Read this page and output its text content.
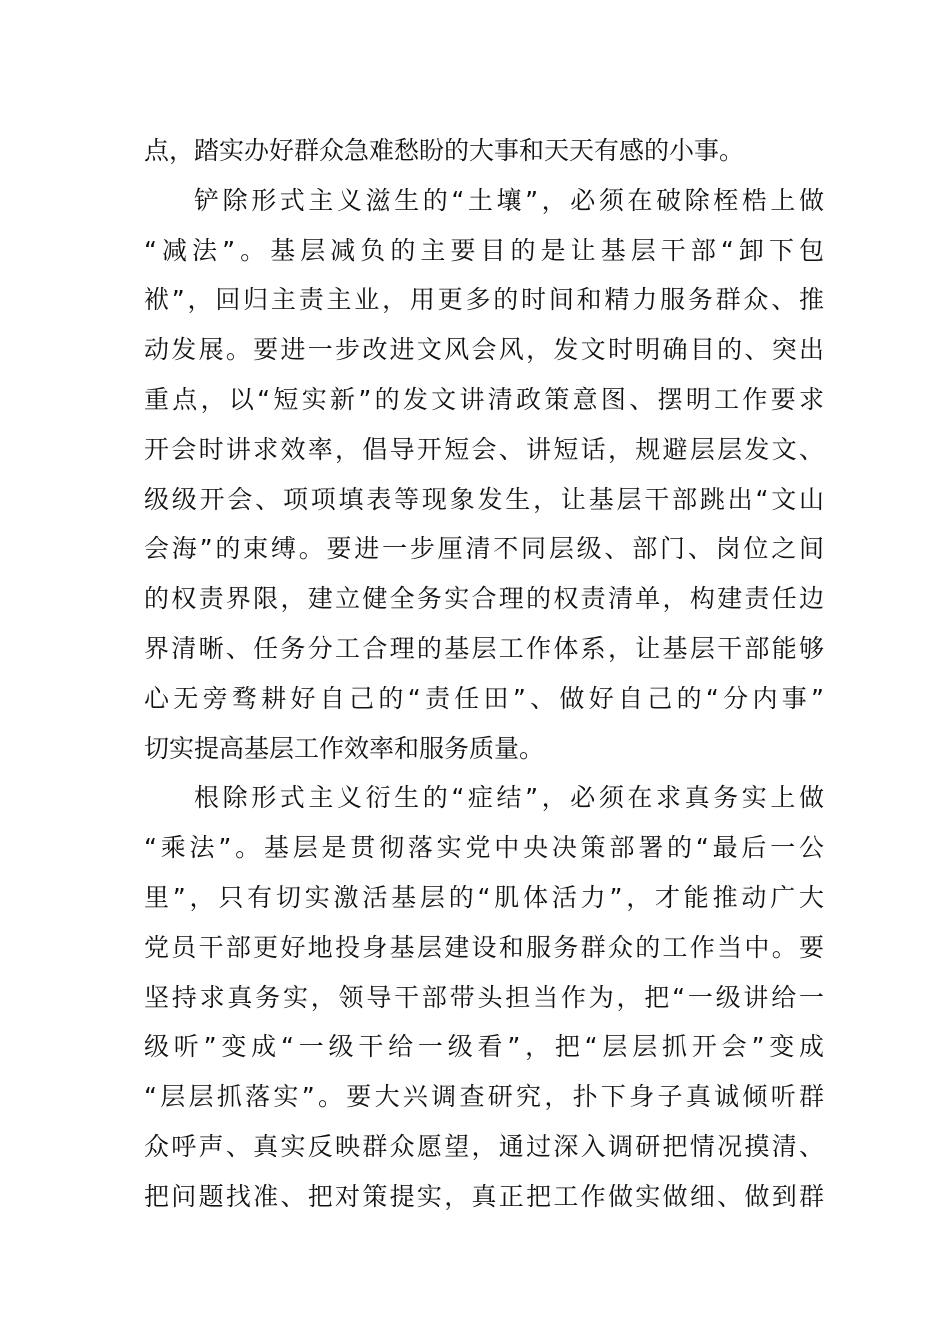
点，踏实办好群众急难愁盼的大事和天天有感的小事。
铲除形式主义滋生的“土壤”，必须在破除桎梏上做
“减法”。基层减负的主要目的是让基层干部“卸下包
袱”，回归主责主业，用更多的时间和精力服务群众、推
动发展。要进一步改进文风会风，发文时明确目的、突出
重点，以“短实新”的发文讲清政策意图、摆明工作要求
开会时讲求效率，倡导开短会、讲短话，规避层层发文、
级级开会、项项填表等现象发生，让基层干部跳出“文山
会海”的束缚。要进一步厘清不同层级、部门、岗位之间
的权责界限，建立健全务实合理的权责清单，构建责任边
界清晰、任务分工合理的基层工作体系，让基层干部能够
心无旁骛耕好自己的“责任田”、做好自己的“分内事”
切实提高基层工作效率和服务质量。
根除形式主义衍生的“症结”，必须在求真务实上做
“乘法”。基层是贯彻落实党中央决策部署的“最后一公
里”，只有切实激活基层的“肌体活力”，才能推动广大
党员干部更好地投身基层建设和服务群众的工作当中。要
坚持求真务实，领导干部带头担当作为，把“一级讲给一
级听”变成“一级干给一级看”，把“层层抓开会”变成
“层层抓落实”。要大兴调查研究，扑下身子真诚倾听群
众呼声、真实反映群众愿望，通过深入调研把情况摸清、
把问题找准、把对策提实，真正把工作做实做细、做到群
